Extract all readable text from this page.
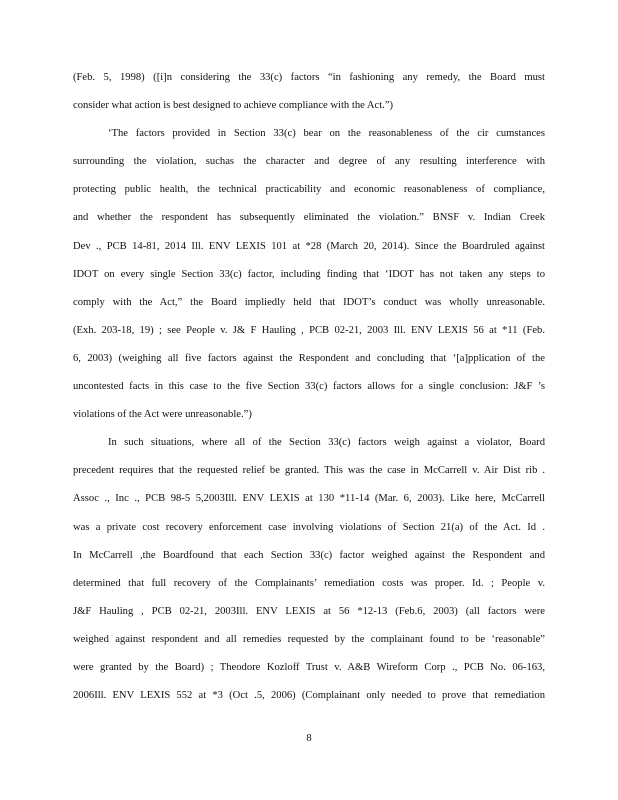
(Feb. 5, 1998) ([i]n considering the 33(c) factors “in fashioning any remedy, the Board must
consider what action is best designed to achieve compliance with the Act.”)
‘The factors provided in Section 33(c) bear on the reasonableness of the cir cumstances
surrounding the violation, suchas the character and degree of any resulting interference with
protecting public health, the technical practicability and economic reasonableness of compliance,
and whether the respondent has subsequently eliminated the violation.” BNSF v. Indian Creek
Dev ., PCB 14-81, 2014 Ill. ENV LEXIS 101 at *28 (March 20, 2014). Since the Boardruled against
IDOT on every single Section 33(c) factor, including finding that ‘IDOT has not taken any steps to
comply with the Act,” the Board impliedly held that IDOT’s conduct was wholly unreasonable.
(Exh. 203-18, 19) ; see People v. J& F Hauling , PCB 02-21, 2003 Ill. ENV LEXIS 56 at *11 (Feb.
6, 2003) (weighing all five factors against the Respondent and concluding that ‘[a]pplication of the
uncontested facts in this case to the five Section 33(c) factors allows for a single conclusion: J&F ’s
violations of the Act were unreasonable.”)
In such situations, where all of the Section 33(c) factors weigh against a violator, Board
precedent requires that the requested relief be granted. This was the case in McCarrell v. Air Dist rib .
Assoc ., Inc ., PCB 98-5 5,2003Ill. ENV LEXIS at 130 *11-14 (Mar. 6, 2003). Like here, McCarrell
was a private cost recovery enforcement case involving violations of Section 21(a) of the Act. Id .
In McCarrell ,the Boardfound that each Section 33(c) factor weighed against the Respondent and
determined that full recovery of the Complainants’ remediation costs was proper. Id. ; People v.
J&F Hauling , PCB 02-21, 2003Ill. ENV LEXIS at 56 *12-13 (Feb.6, 2003) (all factors were
weighed against respondent and all remedies requested by the complainant found to be ‘reasonable”
were granted by the Board) ; Theodore Kozloff Trust v. A&B Wireform Corp ., PCB No. 06-163,
2006Ill. ENV LEXIS 552 at *3 (Oct .5, 2006) (Complainant only needed to prove that remediation
8
